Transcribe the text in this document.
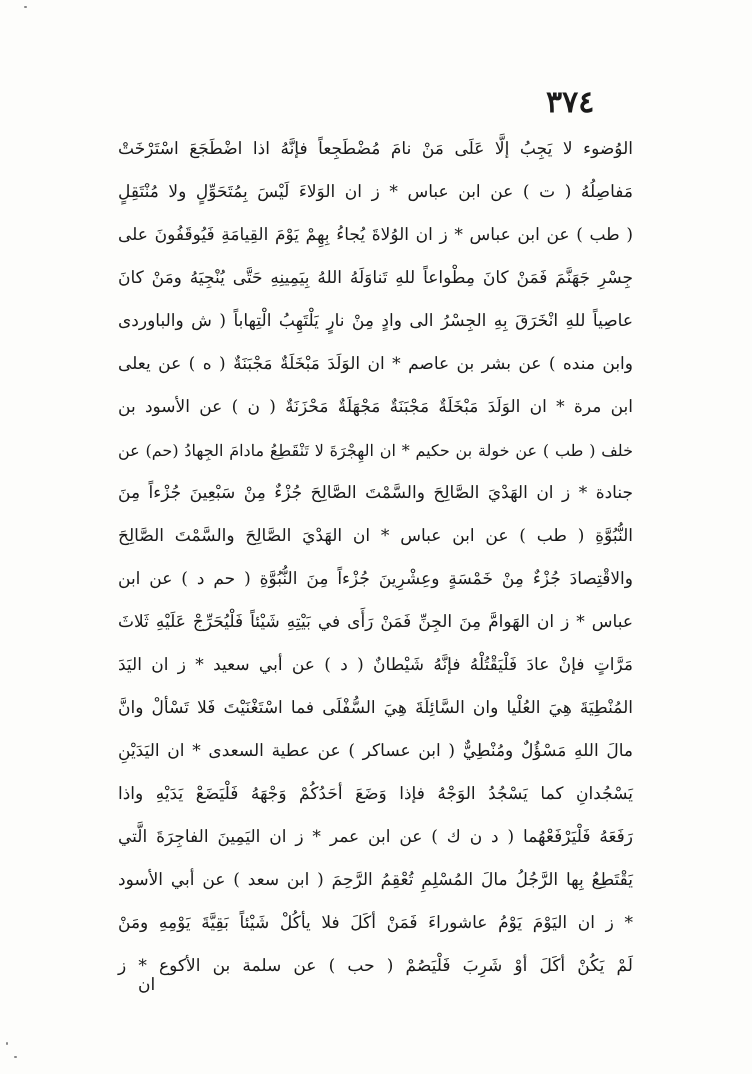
٣٧٤
الوُضوء لا يَجِبُ إلَّا عَلَى مَنْ نامَ مُضْطَجِعاً فإنَّهُ اذا اضْطَجَعَ اسْتَرْخَتْ
مَفاصِلُهُ ( ت ) عن ابن عباس * ز ان الوَلاءَ لَيْسَ بِمُتَحَوِّلٍ ولا مُنْتَقِلٍ
( طب ) عن ابن عباس * ز ان الوُلاةَ يُجاءُ بِهِمْ يَوْمَ القِيامَةِ فَيُوقَفُونَ على
جِسْرِ جَهَنَّمَ فَمَنْ كانَ مِطْواعاً للهِ تَناوَلَهُ اللهُ بِيَمِينِهِ حَتَّى يُنْجِيَهُ ومَنْ كانَ
عاصِياً للهِ انْخَرَقَ بِهِ الجِسْرُ الى وادٍ مِنْ نارٍ يَلْتَهِبُ الْتِهاباً ( ش والباوردى
وابن منده ) عن بشر بن عاصم * ان الوَلَدَ مَبْخَلَةٌ مَجْبَنَةٌ ( ه ) عن يعلى
ابن مرة * ان الوَلَدَ مَبْخَلَةٌ مَجْبَنَةٌ مَجْهَلَةٌ مَحْزَنَةٌ ( ن ) عن الأسود بن
خلف ( طب ) عن خولة بن حكيم * ان الهِجْرَةَ لا تَنْقَطِعُ مادامَ الجِهادُ (حم) عن
جنادة * ز ان الهَدْيَ الصَّالِحَ والسَّمْتَ الصَّالِحَ جُزْءٌ مِنْ سَبْعِينَ جُزْءاً مِنَ
النُّبُوَّةِ ( طب ) عن ابن عباس * ان الهَدْيَ الصَّالِحَ والسَّمْتَ الصَّالِحَ
والاقْتِصادَ جُزْءٌ مِنْ خَمْسَةٍ وعِشْرِينَ جُزْءاً مِنَ النُّبُوَّةِ ( حم د ) عن ابن
عباس * ز ان الهَوامَّ مِنَ الجِنِّ فَمَنْ رَأَى في بَيْتِهِ شَيْئاً فَلْيُحَرِّجْ عَلَيْهِ ثَلاثَ
مَرَّاتٍ فإنْ عادَ فَلْيَقْتُلْهُ فإنَّهُ شَيْطانٌ ( د ) عن أبي سعيد * ز ان اليَدَ
المُنْطِيَةَ هِيَ العُلْيا وان السَّائِلَةَ هِيَ السُّفْلَى فما اسْتَغْنَيْتَ فَلا تَسْألْ وانَّ
مالَ اللهِ مَسْؤُلٌ ومُنْطِيٌّ ( ابن عساكر ) عن عطية السعدى * ان اليَدَيْنِ
يَسْجُدانِ كما يَسْجُدُ الوَجْهُ فإذا وَضَعَ أحَدُكُمْ وَجْهَهُ فَلْيَضَعْ يَدَيْهِ واذا
رَفَعَهُ فَلْيَرْفَعْهُما ( د ن ك ) عن ابن عمر * ز ان اليَمِينَ الفاجِرَةَ الَّتي
يَقْتَطِعُ بِها الرَّجُلُ مالَ المُسْلِمِ تُعْقِمُ الرَّحِمَ ( ابن سعد ) عن أبي الأسود
* ز ان اليَوْمَ يَوْمُ عاشوراءَ فَمَنْ أكَلَ فلا يأكُلْ شَيْئاً بَقِيَّةَ يَوْمِهِ ومَنْ
لَمْ يَكُنْ أكَلَ أوْ شَرِبَ فَلْيَصُمْ ( حب ) عن سلمة بن الأكوع * ز
ان
